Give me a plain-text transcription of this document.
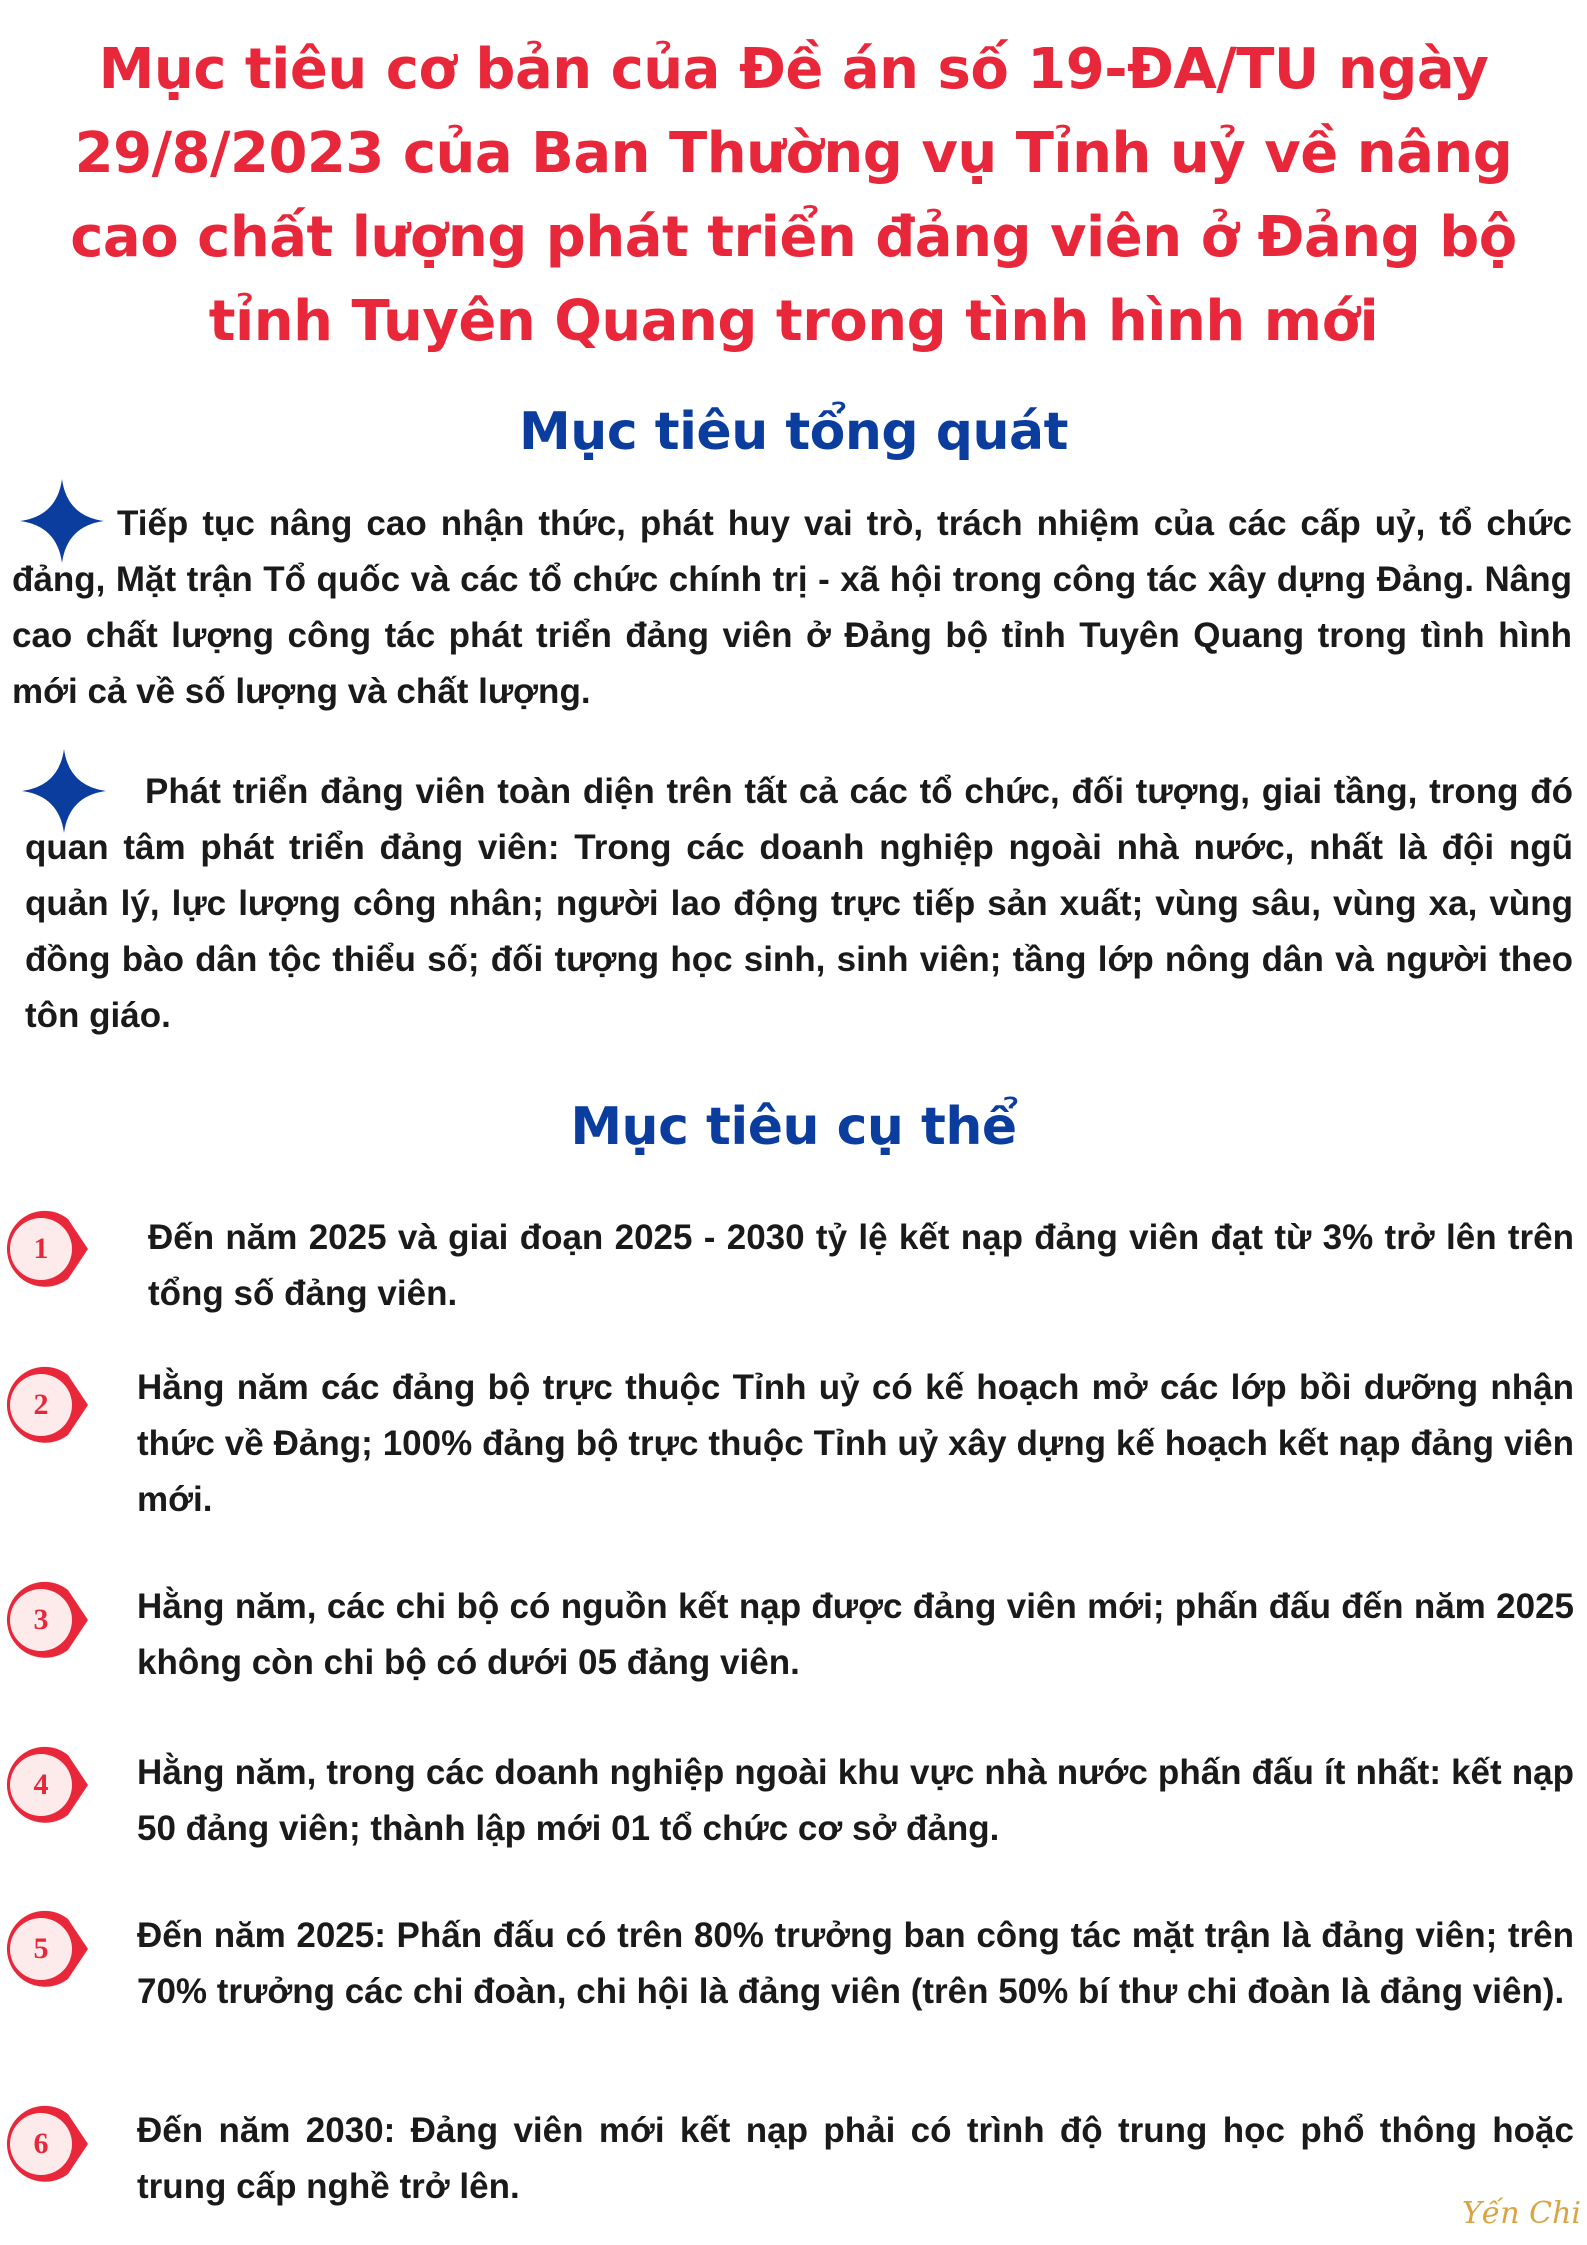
Mục tiêu cơ bản của Đề án số 19-ĐA/TU ngày 29/8/2023 của Ban Thường vụ Tỉnh uỷ về nâng cao chất lượng phát triển đảng viên ở Đảng bộ tỉnh Tuyên Quang trong tình hình mới
Mục tiêu tổng quát

Tiếp tục nâng cao nhận thức, phát huy vai trò, trách nhiệm của các cấp uỷ, tổ chức đảng, Mặt trận Tổ quốc và các tổ chức chính trị - xã hội trong công tác xây dựng Đảng. Nâng cao chất lượng công tác phát triển đảng viên ở Đảng bộ tỉnh Tuyên Quang trong tình hình mới cả về số lượng và chất lượng.

Phát triển đảng viên toàn diện trên tất cả các tổ chức, đối tượng, giai tầng, trong đó quan tâm phát triển đảng viên: Trong các doanh nghiệp ngoài nhà nước, nhất là đội ngũ quản lý, lực lượng công nhân; người lao động trực tiếp sản xuất; vùng sâu, vùng xa, vùng đồng bào dân tộc thiểu số; đối tượng học sinh, sinh viên; tầng lớp nông dân và người theo tôn giáo.

Mục tiêu cụ thể
1	Đến năm 2025 và giai đoạn 2025 - 2030 tỷ lệ kết nạp đảng viên đạt từ 3% trở lên trên tổng số đảng viên.

2	Hằng năm các đảng bộ trực thuộc Tỉnh uỷ có kế hoạch mở các lớp bồi dưỡng nhận thức về Đảng; 100% đảng bộ trực thuộc Tỉnh uỷ xây dựng kế hoạch kết nạp đảng viên mới.

3	Hằng năm, các chi bộ có nguồn kết nạp được đảng viên mới; phấn đấu đến năm 2025 không còn chi bộ có dưới 05 đảng viên.

4	Hằng năm, trong các doanh nghiệp ngoài khu vực nhà nước phấn đấu ít nhất: kết nạp 50 đảng viên; thành lập mới 01 tổ chức cơ sở đảng.

5	Đến năm 2025: Phấn đấu có trên 80% trưởng ban công tác mặt trận là đảng viên; trên 70% trưởng các chi đoàn, chi hội là đảng viên (trên 50% bí thư chi đoàn là đảng viên).

6	Đến năm 2030: Đảng viên mới kết nạp phải có trình độ trung học phổ thông hoặc trung cấp nghề trở lên.

Yến Chi
